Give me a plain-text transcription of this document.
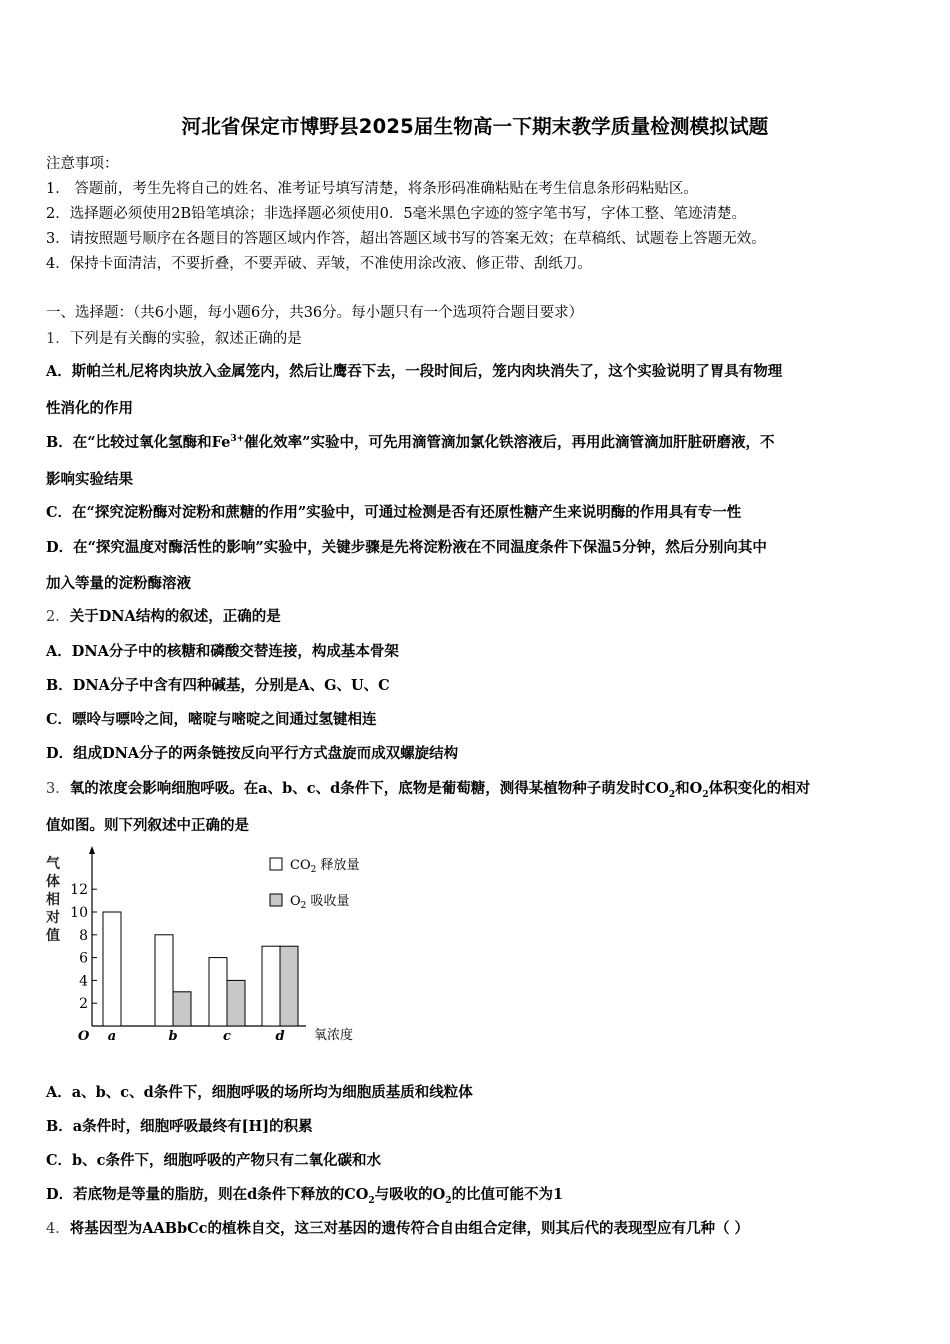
河北省保定市博野县2025届生物高一下期末教学质量检测模拟试题
注意事项：
1． 答题前，考生先将自己的姓名、准考证号填写清楚，将条形码准确粘贴在考生信息条形码粘贴区。
2．选择题必须使用2B铅笔填涂；非选择题必须使用0．5毫米黑色字迹的签字笔书写，字体工整、笔迹清楚。
3．请按照题号顺序在各题目的答题区域内作答，超出答题区域书写的答案无效；在草稿纸、试题卷上答题无效。
4．保持卡面清洁，不要折叠，不要弄破、弄皱，不准使用涂改液、修正带、刮纸刀。
一、选择题：（共6小题，每小题6分，共36分。每小题只有一个选项符合题目要求）
1．下列是有关酶的实验，叙述正确的是
A．斯帕兰札尼将肉块放入金属笼内，然后让鹰吞下去，一段时间后，笼内肉块消失了，这个实验说明了胃具有物理
性消化的作用
B．在“比较过氧化氢酶和$Fe^{3+}$催化效率”实验中，可先用滴管滴加氯化铁溶液后，再用此滴管滴加肝脏研磨液，不
影响实验结果
C．在“探究淀粉酶对淀粉和蔗糖的作用”实验中，可通过检测是否有还原性糖产生来说明酶的作用具有专一性
D．在“探究温度对酶活性的影响”实验中，关键步骤是先将淀粉液在不同温度条件下保温5分钟，然后分别向其中
加入等量的淀粉酶溶液
2．关于DNA结构的叙述，正确的是
A．DNA分子中的核糖和磷酸交替连接，构成基本骨架
B．DNA分子中含有四种碱基，分别是A、G、U、C
C．嘌呤与嘌呤之间，嘧啶与嘧啶之间通过氢键相连
D．组成DNA分子的两条链按反向平行方式盘旋而成双螺旋结构
3．氧的浓度会影响细胞呼吸。在a、b、c、d条件下，底物是葡萄糖，测得某植物种子萌发时$CO_2$和$O_2$体积变化的相对
值如图。则下列叙述中正确的是
气
体
相
对
值
2
4
6
8
10
12
a	b	c	d
O	氧浓度
$CO_2$ 释放量
$O_2$ 吸收量
A．a、b、c、d条件下，细胞呼吸的场所均为细胞质基质和线粒体
B．a条件时，细胞呼吸最终有[H]的积累
C．b、c条件下，细胞呼吸的产物只有二氧化碳和水
D．若底物是等量的脂肪，则在d条件下释放的$CO_2$与吸收的$O_2$的比值可能不为1
4．将基因型为AABbCc的植株自交，这三对基因的遗传符合自由组合定律，则其后代的表现型应有几种（ ）
